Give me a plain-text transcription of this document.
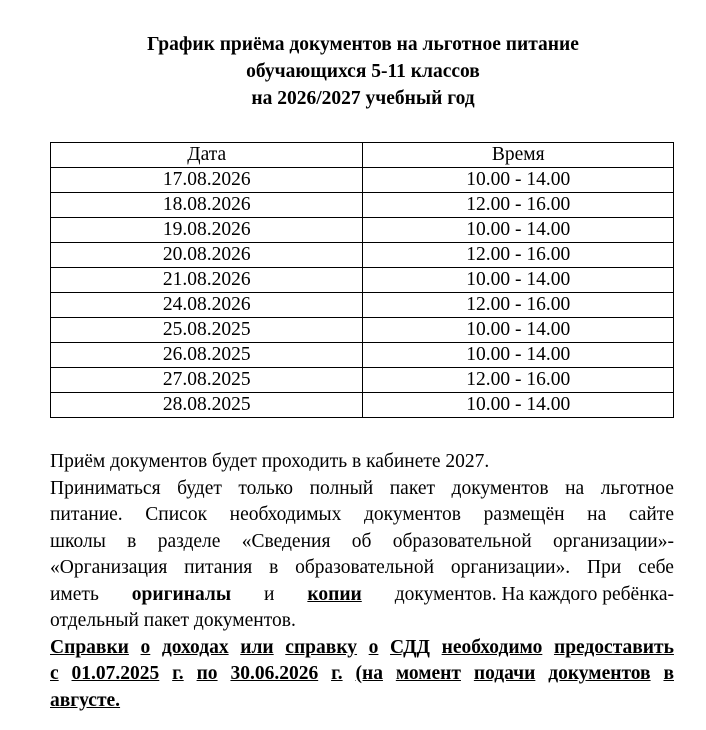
График приёма документов на льготное питание
обучающихся 5-11 классов
на 2026/2027 учебный год
Дата	Время
17.08.2026	10.00 - 14.00
18.08.2026	12.00 - 16.00
19.08.2026	10.00 - 14.00
20.08.2026	12.00 - 16.00
21.08.2026	10.00 - 14.00
24.08.2026	12.00 - 16.00
25.08.2025	10.00 - 14.00
26.08.2025	10.00 - 14.00
27.08.2025	12.00 - 16.00
28.08.2025	10.00 - 14.00

Приём документов будет проходить в кабинете 2027.

Приниматься будет только полный пакет документов на льготное
питание. Список необходимых документов размещён на сайте
школы в разделе «Сведения об образовательной организации»-
«Организация питания в образовательной организации». При себе
иметь оригиналы и копии документов. На каждого ребёнка-
отдельный пакет документов.
Справки о доходах или справку о СДД необходимо предоставить
с 01.07.2025 г. по 30.06.2026 г. (на момент подачи документов в
августе.
